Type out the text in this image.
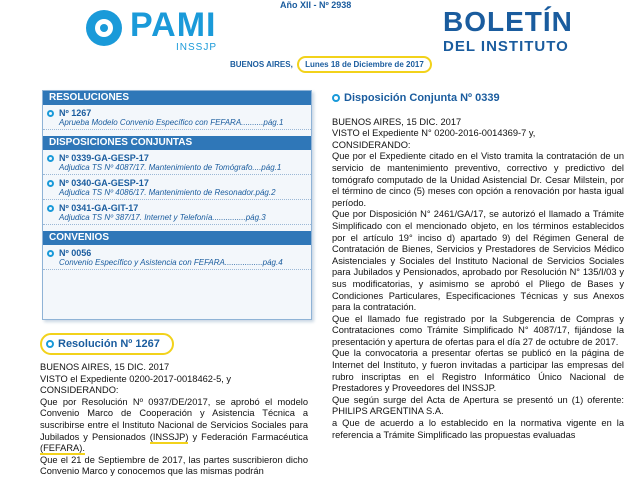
PAMI
INSSJP
Año XII - Nº 2938
BUENOS AIRES, Lunes 18 de Diciembre de 2017
BOLETÍN
DEL INSTITUTO
RESOLUCIONES
Nº 1267
Aprueba Modelo Convenio Específico con FEFARA..........pág.1
DISPOSICIONES CONJUNTAS
Nº 0339-GA-GESP-17
Adjudica TS Nº 4087/17. Mantenimiento de Tomógrafo....pág.1
Nº 0340-GA-GESP-17
Adjudica TS Nº 4086/17. Mantenimiento de Resonador.pág.2
Nº 0341-GA-GIT-17
Adjudica TS Nº 387/17. Internet y Telefonía...............pág.3
CONVENIOS
Nº 0056
Convenio Específico y Asistencia con FEFARA.................pág.4
Resolución Nº 1267

BUENOS AIRES, 15 DIC. 2017

VISTO el Expediente 0200-2017-0018462-5, y

CONSIDERANDO:

Que por Resolución Nº 0937/DE/2017, se aprobó el modelo Convenio Marco de Cooperación y Asistencia Técnica a suscribirse entre el Instituto Nacional de Servicios Sociales para Jubilados y Pensionados (INSSJP) y Federación Farmacéutica (FEFARA).

Que el 21 de Septiembre de 2017, las partes suscribieron dicho Convenio Marco y conocemos que las mismas podrán

Disposición Conjunta Nº 0339

BUENOS AIRES, 15 DIC. 2017

VISTO el Expediente N° 0200-2016-0014369-7 y,

CONSIDERANDO:

Que por el Expediente citado en el Visto tramita la contratación de un servicio de mantenimiento preventivo, correctivo y predictivo del tomógrafo computado de la Unidad Asistencial Dr. Cesar Milstein, por el término de cinco (5) meses con opción a renovación por hasta igual período.

Que por Disposición N° 2461/GA/17, se autorizó el llamado a Trámite Simplificado con el mencionado objeto, en los términos establecidos por el artículo 19° inciso d) apartado 9) del Régimen General de Contratación de Bienes, Servicios y Prestadores de Servicios Médico Asistenciales y Sociales del Instituto Nacional de Servicios Sociales para Jubilados y Pensionados, aprobado por Resolución N° 135/I/03 y sus modificatorias, y asimismo se aprobó el Pliego de Bases y Condiciones Particulares, Especificaciones Técnicas y sus Anexos para la contratación.

Que el llamado fue registrado por la Subgerencia de Compras y Contrataciones como Trámite Simplificado N° 4087/17, fijándose la presentación y apertura de ofertas para el día 27 de octubre de 2017.

Que la convocatoria a presentar ofertas se publicó en la página de Internet del Instituto, y fueron invitadas a participar las empresas del rubro inscriptas en el Registro Informático Único Nacional de Prestadores y Proveedores del INSSJP.

Que según surge del Acta de Apertura se presentó un (1) oferente: PHILIPS ARGENTINA S.A.

a Que de acuerdo a lo establecido en la normativa vigente en la referencia a Trámite Simplificado las propuestas evaluadas
